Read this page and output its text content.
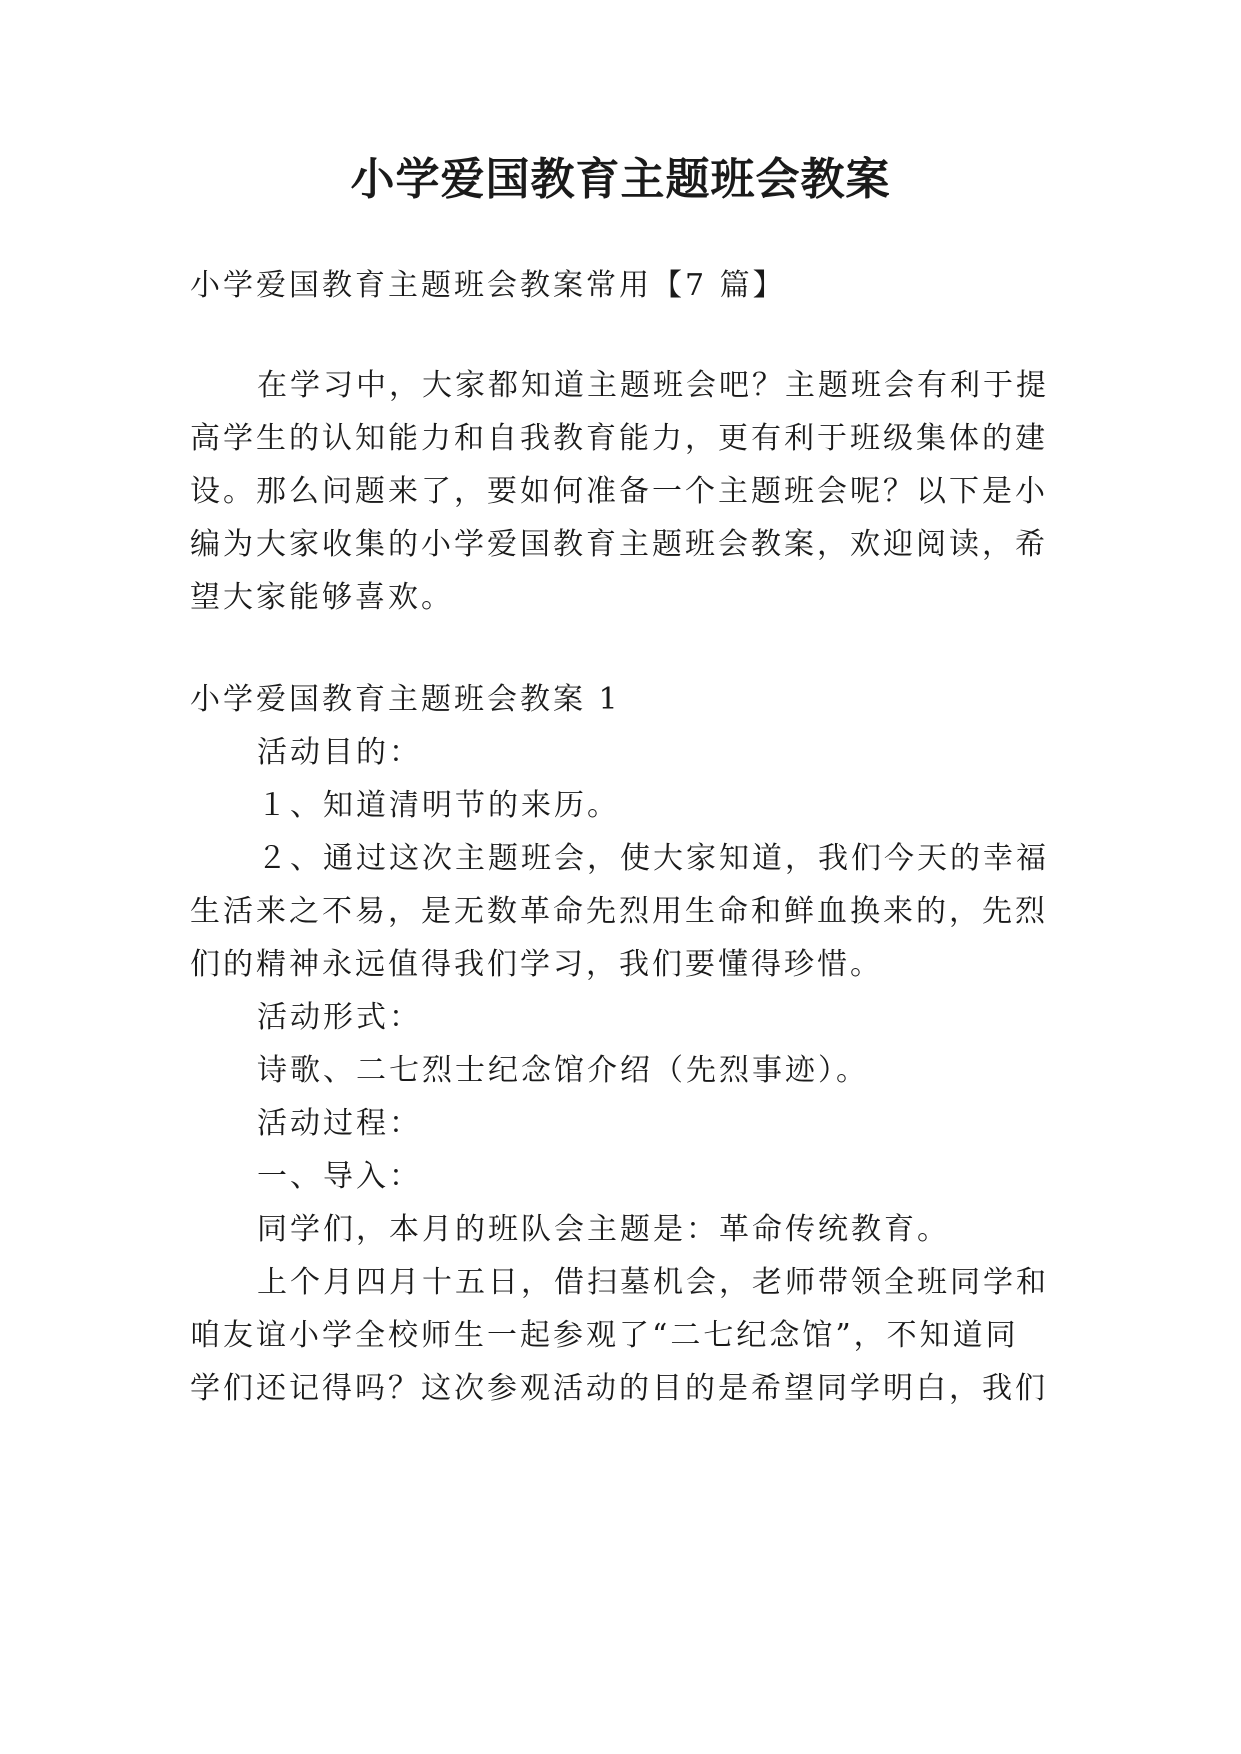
小学爱国教育主题班会教案

小学爱国教育主题班会教案常用【7 篇】

在学习中，大家都知道主题班会吧？主题班会有利于提

高学生的认知能力和自我教育能力，更有利于班级集体的建

设。那么问题来了，要如何准备一个主题班会呢？以下是小

编为大家收集的小学爱国教育主题班会教案，欢迎阅读，希

望大家能够喜欢。

小学爱国教育主题班会教案 1

活动目的：

１、知道清明节的来历。

２、通过这次主题班会，使大家知道，我们今天的幸福

生活来之不易，是无数革命先烈用生命和鲜血换来的，先烈

们的精神永远值得我们学习，我们要懂得珍惜。

活动形式：

诗歌、二七烈士纪念馆介绍（先烈事迹）。

活动过程：

一、导入：

同学们，本月的班队会主题是：革命传统教育。

上个月四月十五日，借扫墓机会，老师带领全班同学和

咱友谊小学全校师生一起参观了“二七纪念馆”，不知道同

学们还记得吗？这次参观活动的目的是希望同学明白，我们
